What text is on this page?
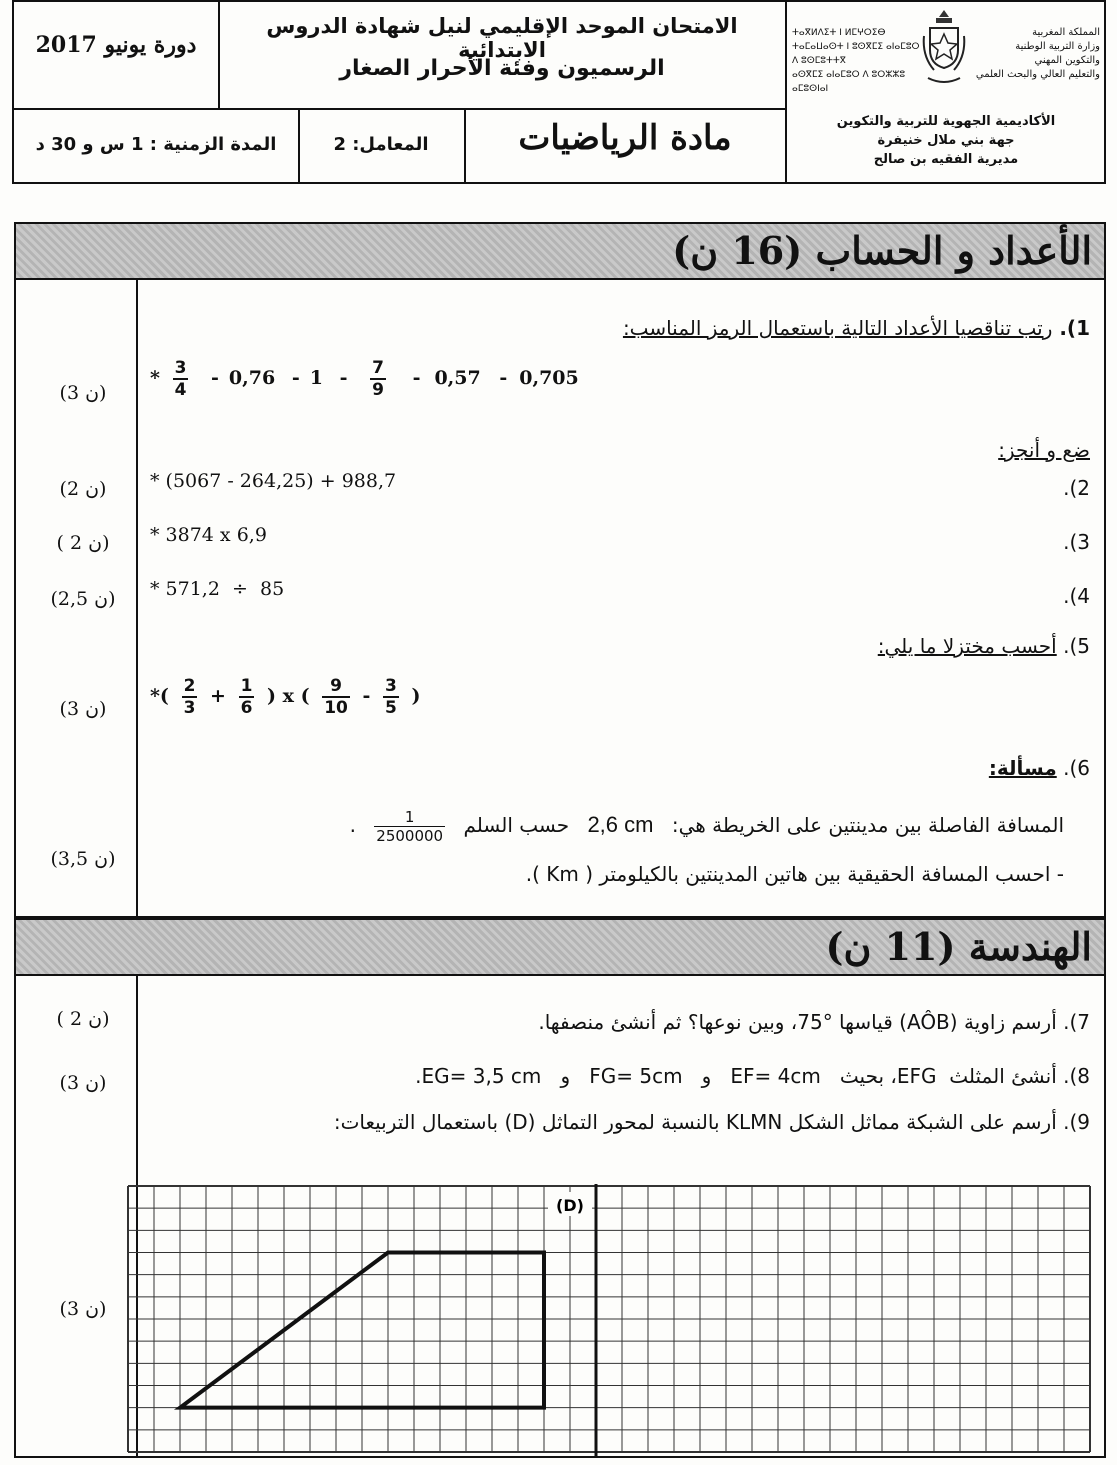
دورة يونيو 2017
الامتحان الموحد الإقليمي لنيل شهادة الدروس الابتدائية
الرسميون وفئة الأحرار الصغار
المملكة المغربية
وزارة التربية الوطنية
والتكوين المهني
والتعليم العالي والبحث العلمي
ⵜⴰⴳⵍⴷⵉⵜ ⵏ ⵍⵎⵖⵔⵉⴱ
ⵜⴰⵎⴰⵡⴰⵙⵜ ⵏ ⵓⵙⴳⵎⵉ ⴰⵏⴰⵎⵓⵔ
ⴷ ⵓⵙⵎⵓⵜⵜⴳ
ⴰⵙⴳⵎⵉ ⴰⵏⴰⵎⵓⵔ ⴷ ⵓⵔⵣⵣⵓ ⴰⵎⵓⵙⵏⴰⵏ
الأكاديمية الجهوية للتربية والتكوين
جهة بني ملال خنيفرة
مديرية الفقيه بن صالح
المدة الزمنية : 1 س و 30 د	المعامل: 2	مادة الرياضيات
الأعداد و الحساب (16 ن)
1). رتب تناقصيا الأعداد التالية باستعمال الرمز المناسب:
(3 ن)
* $\frac{3}{4} - 0,76 - 1 - \frac{7}{9} - 0,57 - 0,705$
ضع و أنجز:
.(2
* (5067 - 264,25) + 988,7
(2 ن)
.(3
* 3874 x 6,9
( 2 ن)
.(4
* 571,2  ÷  85
(2,5 ن)
5). أحسب مختزلا ما يلي:
*( $\frac{2}{3} + \frac{1}{6}$ ) x ( $\frac{9}{10} - \frac{3}{5}$ )
(3 ن)
6). مسألة:
المسافة الفاصلة بين مدينتين على الخريطة هي: 2,6 cm حسب السلم
$\frac{1}{2500000}$
.
- احسب المسافة الحقيقية بين هاتين المدينتين بالكيلومتر ( Km ).
(3,5 ن)
الهندسة (11 ن)
7). أرسم زاوية (AÔB) قياسها °75، وبين نوعها؟ ثم أنشئ منصفها.
( 2 ن)
8). أنشئ المثلث  EFG، بحيث   EF= 4cm   و   FG= 5cm   و   EG= 3,5 cm.
(3 ن)
9). أرسم على الشبكة مماثل الشكل KLMN بالنسبة لمحور التماثل (D) باستعمال التربيعات:
(3 ن)
(D)
